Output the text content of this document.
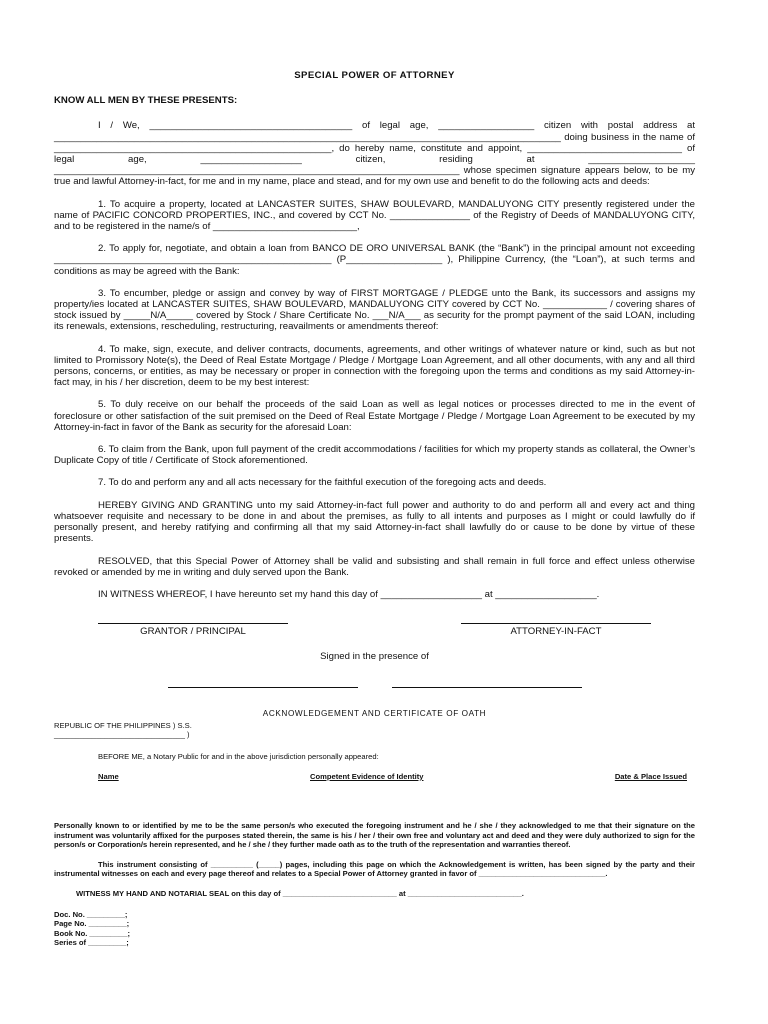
SPECIAL POWER OF ATTORNEY
KNOW ALL MEN BY THESE PRESENTS:

I / We, ______________________________________ of legal age, __________________ citizen with postal address at _______________________________________________________________________________________________ doing business in the name of ____________________________________________________, do hereby name, constitute and appoint, _____________________________ of legal age, ___________________ citizen, residing at ____________________ ____________________________________________________________________________ whose specimen signature appears below, to be my true and lawful Attorney-in-fact, for me and in my name, place and stead, and for my own use and benefit to do the following acts and deeds:

1. To acquire a property, located at LANCASTER SUITES, SHAW BOULEVARD, MANDALUYONG CITY presently registered under the name of PACIFIC CONCORD PROPERTIES, INC., and covered by CCT No. _______________ of the Registry of Deeds of MANDALUYONG CITY, and to be registered in the name/s of ___________________________,

2. To apply for, negotiate, and obtain a loan from BANCO DE ORO UNIVERSAL BANK (the “Bank”) in the principal amount not exceeding ____________________________________________________ (P__________________ ), Philippine Currency, (the “Loan”), at such terms and conditions as may be agreed with the Bank:

3. To encumber, pledge or assign and convey by way of FIRST MORTGAGE / PLEDGE unto the Bank, its successors and assigns my property/ies located at LANCASTER SUITES, SHAW BOULEVARD, MANDALUYONG CITY covered by CCT No. ____________ / covering shares of stock issued by _____N/A_____ covered by Stock / Share Certificate No. ___N/A___ as security for the prompt payment of the said LOAN, including its renewals, extensions, rescheduling, restructuring, reavailments or amendments thereof:

4. To make, sign, execute, and deliver contracts, documents, agreements, and other writings of whatever nature or kind, such as but not limited to Promissory Note(s), the Deed of Real Estate Mortgage / Pledge / Mortgage Loan Agreement, and all other documents, with any and all third persons, concerns, or entities, as may be necessary or proper in connection with the foregoing upon the terms and conditions as my said Attorney-in-fact may, in his / her discretion, deem to be my best interest:

5. To duly receive on our behalf the proceeds of the said Loan as well as legal notices or processes directed to me in the event of foreclosure or other satisfaction of the suit premised on the Deed of Real Estate Mortgage / Pledge / Mortgage Loan Agreement to be executed by my Attorney-in-fact in favor of the Bank as security for the aforesaid Loan:

6. To claim from the Bank, upon full payment of the credit accommodations / facilities for which my property stands as collateral, the Owner’s Duplicate Copy of title / Certificate of Stock aforementioned.

7. To do and perform any and all acts necessary for the faithful execution of the foregoing acts and deeds.

HEREBY GIVING AND GRANTING unto my said Attorney-in-fact full power and authority to do and perform all and every act and thing whatsoever requisite and necessary to be done in and about the premises, as fully to all intents and purposes as I might or could lawfully do if personally present, and hereby ratifying and confirming all that my said Attorney-in-fact shall lawfully do or cause to be done by virtue of these presents.

RESOLVED, that this Special Power of Attorney shall be valid and subsisting and shall remain in full force and effect unless otherwise revoked or amended by me in writing and duly served upon the Bank.

IN WITNESS WHEREOF, I have hereunto set my hand this day of ___________________ at ___________________.

GRANTOR / PRINCIPAL	ATTORNEY-IN-FACT
Signed in the presence of
ACKNOWLEDGEMENT AND CERTIFICATE OF OATH
REPUBLIC OF THE PHILIPPINES ) S.S.
_______________________________ )
BEFORE ME, a Notary Public for and in the above jurisdiction personally appeared:
Name	Competent Evidence of Identity	Date & Place Issued

Personally known to or identified by me to be the same person/s who executed the foregoing instrument and he / she / they acknowledged to me that their signature on the instrument was voluntarily affixed for the purposes stated therein, the same is his / her / their own free and voluntary act and deed and they were duly authorized to sign for the person/s or Corporation/s herein represented, and he / she / they further made oath as to the truth of the representation and warranties thereof.

This instrument consisting of __________ (_____) pages, including this page on which the Acknowledgement is written, has been signed by the party and their instrumental witnesses on each and every page thereof and relates to a Special Power of Attorney granted in favor of ______________________________.

WITNESS MY HAND AND NOTARIAL SEAL on this day of ___________________________ at ___________________________.

Doc. No. _________;
Page No. _________;
Book No. _________;
Series of _________;
